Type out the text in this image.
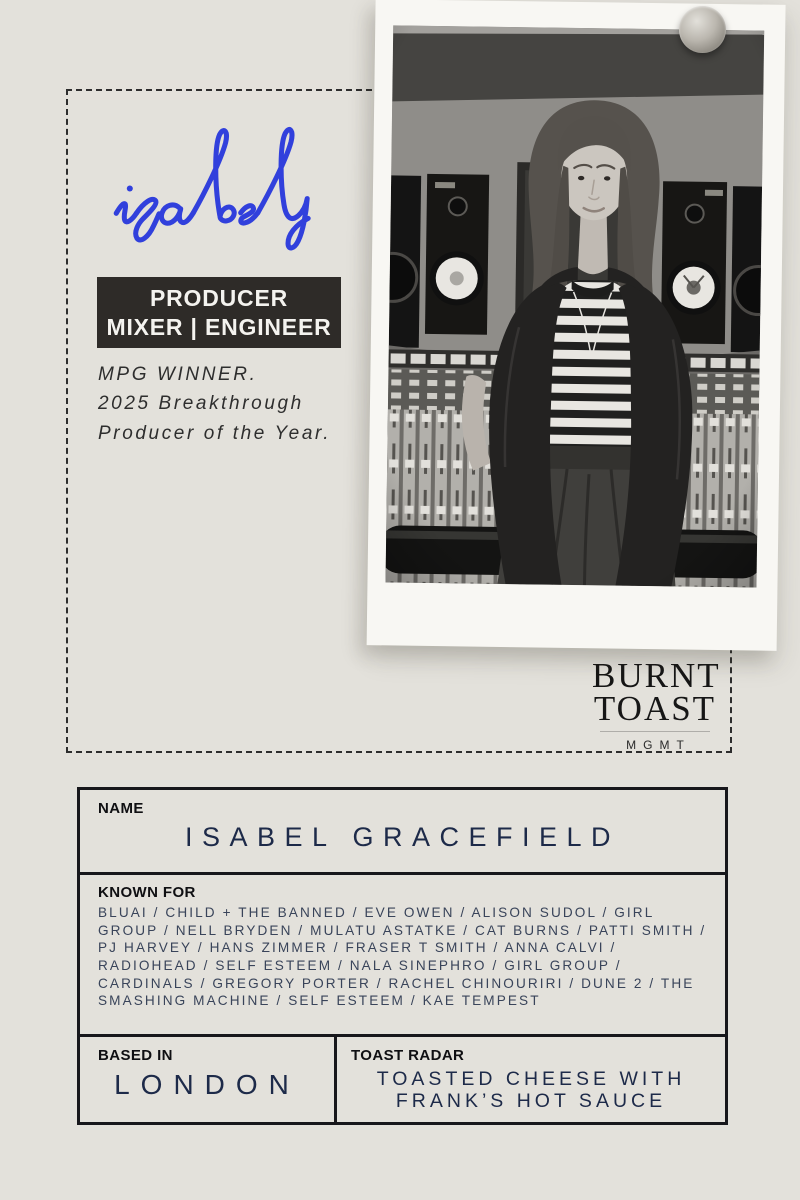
PRODUCER
MIXER | ENGINEER
MPG WINNER.
2025 Breakthrough
Producer of the Year.
BURNT
TOAST
MGMT
NAME
ISABEL GRACEFIELD
KNOWN FOR
BLUAI / CHILD + THE BANNED / EVE OWEN / ALISON SUDOL / GIRL GROUP / NELL BRYDEN / MULATU ASTATKE / CAT BURNS / PATTI SMITH / PJ HARVEY / HANS ZIMMER / FRASER T SMITH / ANNA CALVI / RADIOHEAD / SELF ESTEEM / NALA SINEPHRO / GIRL GROUP / CARDINALS / GREGORY PORTER / RACHEL CHINOURIRI / DUNE 2 / THE SMASHING MACHINE / SELF ESTEEM / KAE TEMPEST
BASED IN
LONDON
TOAST RADAR
TOASTED CHEESE WITH FRANK’S HOT SAUCE
